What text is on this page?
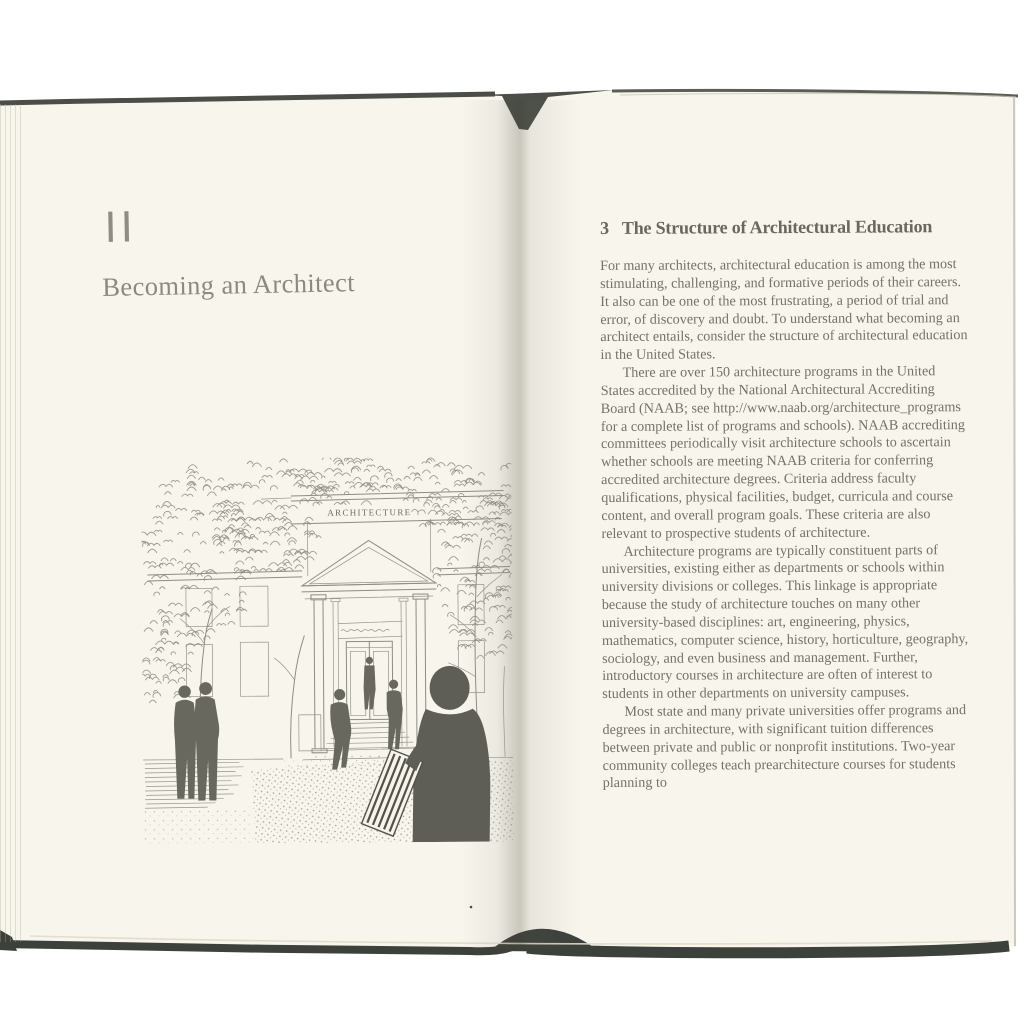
II
Becoming an Architect
ARCHITECTURE
3 The Structure of Architectural Education

For many architects, architectural education is among the most stimulating, challenging, and formative periods of their careers. It also can be one of the most frustrating, a period of trial and error, of discovery and doubt. To understand what becoming an architect entails, consider the structure of architectural education in the United States.

There are over 150 architecture programs in the United States accredited by the National Architectural Accrediting Board (NAAB; see http://www.naab.org/architecture_programs for a complete list of programs and schools). NAAB accrediting committees periodically visit architecture schools to ascertain whether schools are meeting NAAB criteria for conferring accredited architecture degrees. Criteria address faculty qualifications, physical facilities, budget, curricula and course content, and overall program goals. These criteria are also relevant to prospective students of architecture.

Architecture programs are typically constituent parts of universities, existing either as departments or schools within university divisions or colleges. This linkage is appropriate because the study of architecture touches on many other university-based disciplines: art, engineering, physics, mathematics, computer science, history, horticulture, geography, sociology, and even business and management. Further, introductory courses in architecture are often of interest to students in other departments on university campuses.

Most state and many private universities offer programs and degrees in architecture, with significant tuition differences between private and public or nonprofit institutions. Two-year community colleges teach prearchitecture courses for students planning to
